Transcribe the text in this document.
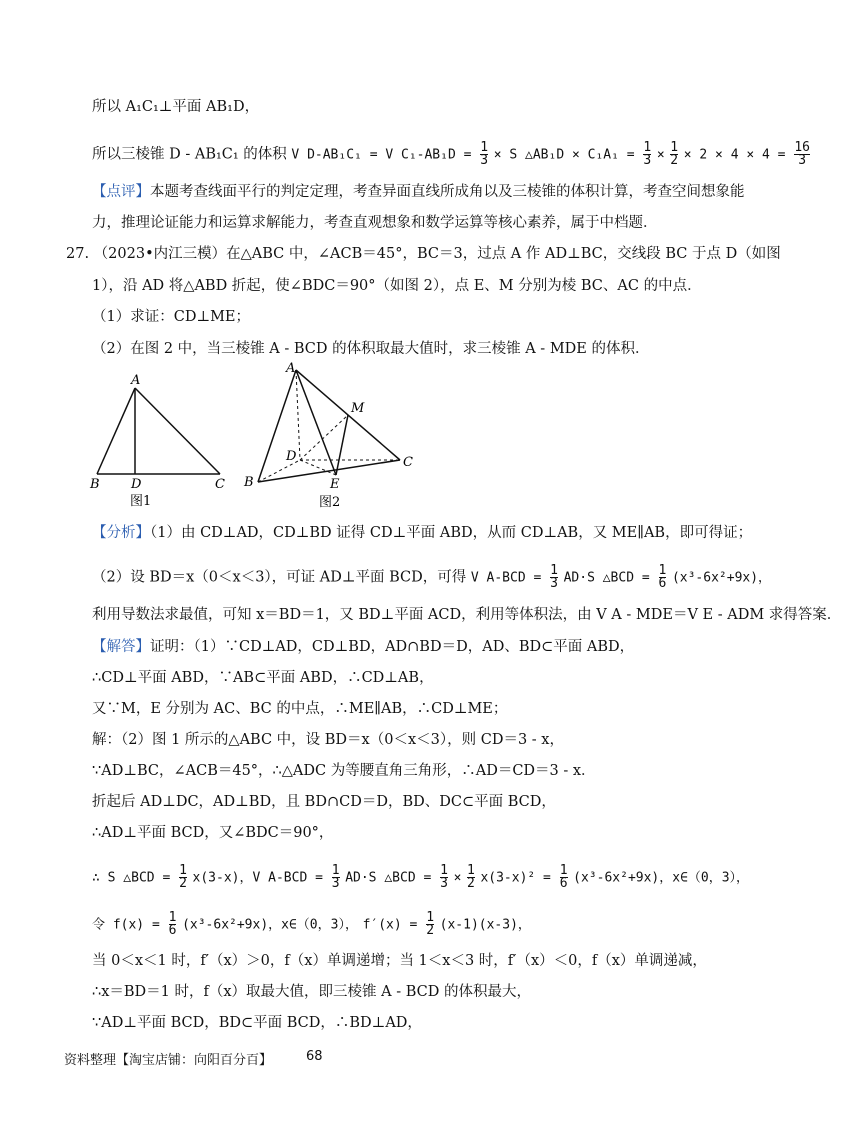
所以 A₁C₁⊥平面 AB₁D，
所以三棱锥 D - AB₁C₁ 的体积 V D-AB₁C₁ = V $C_1-AB_1D = \frac{1}{3} \times S$ △AB₁D × $C_1A_1 = \frac{1}{3} \times \frac{1}{2} \times 2 \times 4 \times 4 = \frac{16}{3}$
【点评】本题考查线面平行的判定定理，考查异面直线所成角以及三棱锥的体积计算，考查空间想象能
力，推理论证能力和运算求解能力，考查直观想象和数学运算等核心素养，属于中档题．
27. （2023•内江三模）在△ABC 中，∠ACB＝45°，BC＝3，过点 A 作 AD⊥BC，交线段 BC 于点 D（如图
1），沿 AD 将△ABD 折起，使∠BDC＝90°（如图 2），点 E、M 分别为棱 BC、AC 的中点．
（1）求证：CD⊥ME；
（2）在图 2 中，当三棱锥 A - BCD 的体积取最大值时，求三棱锥 A - MDE 的体积．
A
B D	C
图1
A
M
D	C
B	E
图2
【分析】（1）由 CD⊥AD，CD⊥BD 证得 CD⊥平面 ABD，从而 CD⊥AB，又 ME∥AB，即可得证；
（2）设 BD＝x（0＜x＜3），可证 AD⊥平面 BCD，可得 V $A-BCD = \frac{1}{3} AD\cdot S$ △BCD = $\frac{1}{6} (x^3-6x^2+9x)$，
利用导数法求最值，可知 x＝BD＝1，又 BD⊥平面 ACD，利用等体积法，由 V A - MDE＝V E - ADM 求得答案．
【解答】证明：（1）∵CD⊥AD，CD⊥BD，AD∩BD＝D，AD、BD⊂平面 ABD，
∴CD⊥平面 ABD，∵AB⊂平面 ABD，∴CD⊥AB，
又∵M，E 分别为 AC、BC 的中点，∴ME∥AB，∴CD⊥ME；
解：（2）图 1 所示的△ABC 中，设 BD＝x（0＜x＜3），则 CD＝3 - x，
∵AD⊥BC，∠ACB＝45°，∴△ADC 为等腰直角三角形，∴AD＝CD＝3 - x．
折起后 AD⊥DC，AD⊥BD，且 BD∩CD＝D，BD、DC⊂平面 BCD，
∴AD⊥平面 BCD，又∠BDC＝90°，
∴ S △BCD = $\frac{1}{2} x(3-x)$，V $A-BCD = \frac{1}{3} AD\cdot S$ △BCD = $\frac{1}{3} \times \frac{1}{2} x(3-x)^2 = \frac{1}{6} (x^3-6x^2+9x)$，x∈（0，3），
令 $f(x) = \frac{1}{6} (x^3-6x^2+9x)$，x∈（0，3）， $f'(x) = \frac{1}{2} (x-1)(x-3)$，
当 0＜x＜1 时，f′（x）＞0，f（x）单调递增；当 1＜x＜3 时，f′（x）＜0，f（x）单调递减，
∴x＝BD＝1 时，f（x）取最大值，即三棱锥 A - BCD 的体积最大，
∵AD⊥平面 BCD，BD⊂平面 BCD，∴BD⊥AD，
资料整理【淘宝店铺：向阳百分百】	68
